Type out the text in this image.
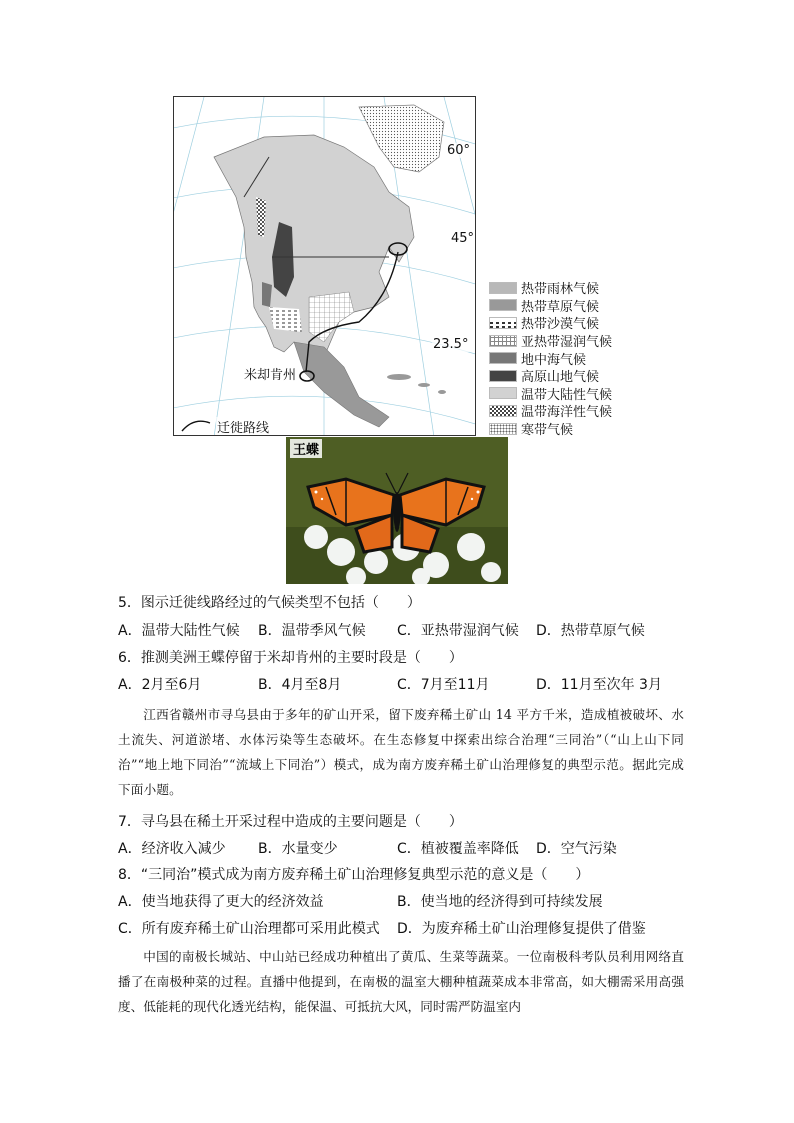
60°
45°
23.5°
米却肯州
迁徙路线
热带雨林气候
热带草原气候
热带沙漠气候
亚热带湿润气候
地中海气候
高原山地气候
温带大陆性气候
温带海洋性气候
寒带气候
王蝶
5．图示迁徙线路经过的气候类型不包括（　　）
A．温带大陆性气候 B．温带季风气候 C．亚热带湿润气候 D．热带草原气候
6．推测美洲王蝶停留于米却肯州的主要时段是（　　）
A．2月至6月	B．4月至8月	C．7月至11月	D．11月至次年 3月

江西省赣州市寻乌县由于多年的矿山开采，留下废弃稀土矿山 14 平方千米，造成植被破坏、水土流失、河道淤堵、水体污染等生态破坏。在生态修复中探索出综合治理“三同治”（“山上山下同治”“地上地下同治”“流域上下同治”）模式，成为南方废弃稀土矿山治理修复的典型示范。据此完成下面小题。

7．寻乌县在稀土开采过程中造成的主要问题是（　　）
A．经济收入减少 B．水量变少	C．植被覆盖率降低 D．空气污染
8．“三同治”模式成为南方废弃稀土矿山治理修复典型示范的意义是（　　）
A．使当地获得了更大的经济效益	B．使当地的经济得到可持续发展
C．所有废弃稀土矿山治理都可采用此模式 D．为废弃稀土矿山治理修复提供了借鉴

中国的南极长城站、中山站已经成功种植出了黄瓜、生菜等蔬菜。一位南极科考队员利用网络直播了在南极种菜的过程。直播中他提到，在南极的温室大棚种植蔬菜成本非常高，如大棚需采用高强度、低能耗的现代化透光结构，能保温、可抵抗大风，同时需严防温室内
